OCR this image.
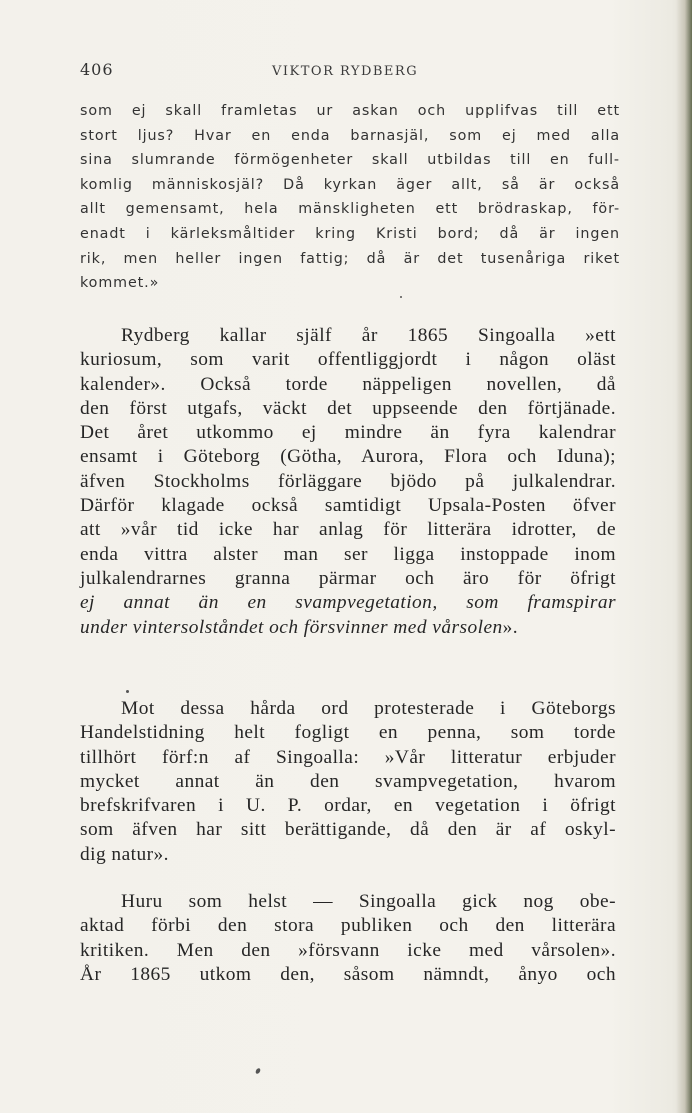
406	VIKTOR RYDBERG
som ej skall framletas ur askan och upplifvas till ett
stort ljus? Hvar en enda barnasjäl, som ej med alla
sina slumrande förmögenheter skall utbildas till en full-
komlig människosjäl? Då kyrkan äger allt, så är också
allt gemensamt, hela mänskligheten ett brödraskap, för-
enadt i kärleksmåltider kring Kristi bord; då är ingen
rik, men heller ingen fattig; då är det tusenåriga riket
kommet.»
Rydberg kallar själf år 1865 Singoalla »ett
kuriosum, som varit offentliggjordt i någon oläst
kalender». Också torde näppeligen novellen, då
den först utgafs, väckt det uppseende den förtjänade.
Det året utkommo ej mindre än fyra kalendrar
ensamt i Göteborg (Götha, Aurora, Flora och Iduna);
äfven Stockholms förläggare bjödo på julkalendrar.
Därför klagade också samtidigt Upsala-Posten öfver
att »vår tid icke har anlag för litterära idrotter, de
enda vittra alster man ser ligga instoppade inom
julkalendrarnes granna pärmar och äro för öfrigt
ej annat än en svampvegetation, som framspirar
under vintersolståndet och försvinner med vårsolen».
Mot dessa hårda ord protesterade i Göteborgs
Handelstidning helt fogligt en penna, som torde
tillhört förf:n af Singoalla: »Vår litteratur erbjuder
mycket annat än den svampvegetation, hvarom
brefskrifvaren i U. P. ordar, en vegetation i öfrigt
som äfven har sitt berättigande, då den är af oskyl-
dig natur».
Huru som helst — Singoalla gick nog obe-
aktad förbi den stora publiken och den litterära
kritiken. Men den »försvann icke med vårsolen».
År 1865 utkom den, såsom nämndt, ånyo och
